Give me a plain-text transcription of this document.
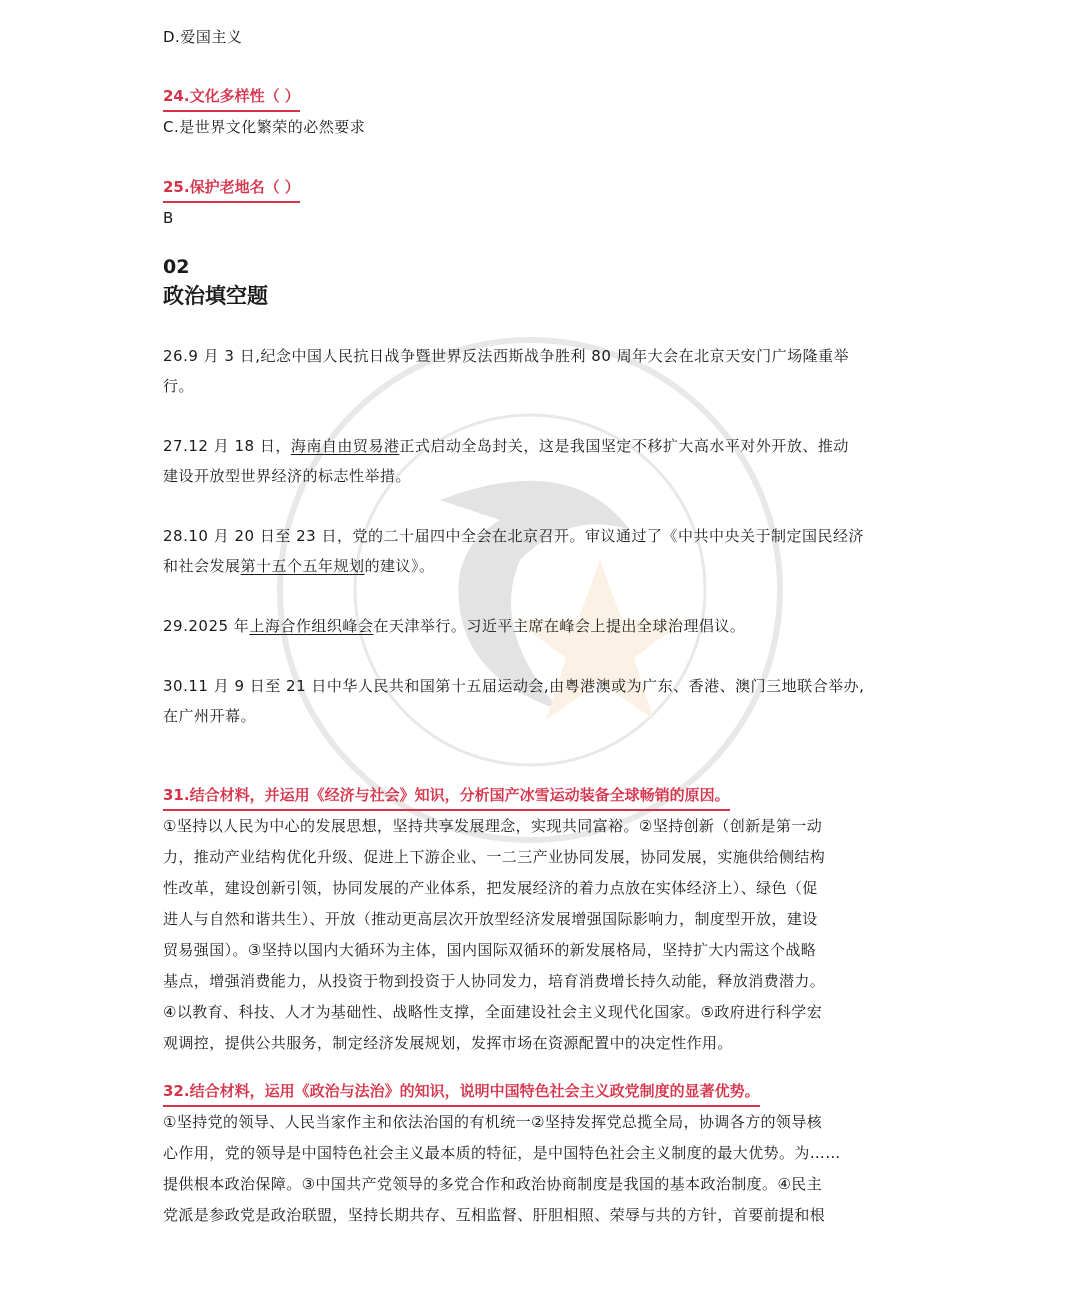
D.爱国主义
24.文化多样性（ ）
C.是世界文化繁荣的必然要求
25.保护老地名（ ）
B
02
政治填空题
26.9 月 3 日,纪念中国人民抗日战争暨世界反法西斯战争胜利 80 周年大会在北京天安门广场隆重举
行。
27.12 月 18 日，海南自由贸易港正式启动全岛封关，这是我国坚定不移扩大高水平对外开放、推动
建设开放型世界经济的标志性举措。
28.10 月 20 日至 23 日，党的二十届四中全会在北京召开。审议通过了《中共中央关于制定国民经济
和社会发展第十五个五年规划的建议》。
29.2025 年上海合作组织峰会在天津举行。习近平主席在峰会上提出全球治理倡议。
30.11 月 9 日至 21 日中华人民共和国第十五届运动会,由粤港澳或为广东、香港、澳门三地联合举办,
在广州开幕。
31.结合材料，并运用《经济与社会》知识，分析国产冰雪运动装备全球畅销的原因。
①坚持以人民为中心的发展思想，坚持共享发展理念，实现共同富裕。②坚持创新（创新是第一动
力，推动产业结构优化升级、促进上下游企业、一二三产业协同发展，协同发展，实施供给侧结构
性改革，建设创新引领，协同发展的产业体系，把发展经济的着力点放在实体经济上）、绿色（促
进人与自然和谐共生）、开放（推动更高层次开放型经济发展增强国际影响力，制度型开放，建设
贸易强国）。③坚持以国内大循环为主体，国内国际双循环的新发展格局，坚持扩大内需这个战略
基点，增强消费能力，从投资于物到投资于人协同发力，培育消费增长持久动能，释放消费潜力。
④以教育、科技、人才为基础性、战略性支撑，全面建设社会主义现代化国家。⑤政府进行科学宏
观调控，提供公共服务，制定经济发展规划，发挥市场在资源配置中的决定性作用。
32.结合材料，运用《政治与法治》的知识，说明中国特色社会主义政党制度的显著优势。
①坚持党的领导、人民当家作主和依法治国的有机统一②坚持发挥党总揽全局，协调各方的领导核
心作用，党的领导是中国特色社会主义最本质的特征，是中国特色社会主义制度的最大优势。为……
提供根本政治保障。③中国共产党领导的多党合作和政治协商制度是我国的基本政治制度。④民主
党派是参政党是政治联盟，坚持长期共存、互相监督、肝胆相照、荣辱与共的方针，首要前提和根
